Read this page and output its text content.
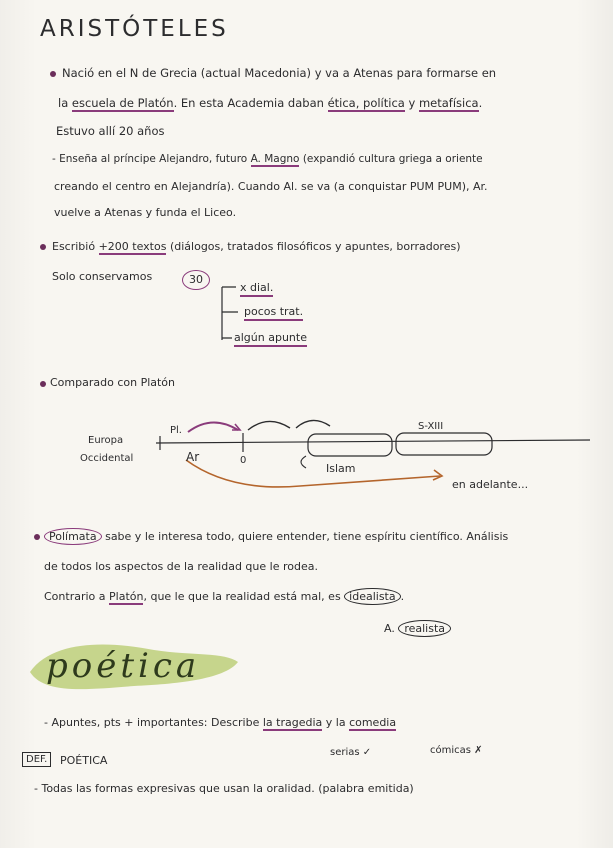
ARISTÓTELES
Nació en el N de Grecia (actual Macedonia) y va a Atenas para formarse en
la escuela de Platón. En esta Academia daban ética, política y metafísica.
Estuvo allí 20 años
- Enseña al príncipe Alejandro, futuro A. Magno (expandió cultura griega a oriente
creando el centro en Alejandría). Cuando Al. se va (a conquistar PUM PUM), Ar.
vuelve a Atenas y funda el Liceo.
Escribió +200 textos (diálogos, tratados filosóficos y apuntes, borradores)
Solo conservamos	30
x dial.
pocos trat.
algún apunte
Comparado con Platón
Europa
Occidental
Pl.
Ar	0
S-XIII
Islam
en adelante...
Polímata sabe y le interesa todo, quiere entender, tiene espíritu científico. Análisis
de todos los aspectos de la realidad que le rodea.
Contrario a Platón, que le que la realidad está mal, es idealista .
A. realista
poética
- Apuntes, pts + importantes: Describe la tragedia y la comedia
serias ✓	cómicas ✗
DEF.	POÉTICA
- Todas las formas expresivas que usan la oralidad. (palabra emitida)
